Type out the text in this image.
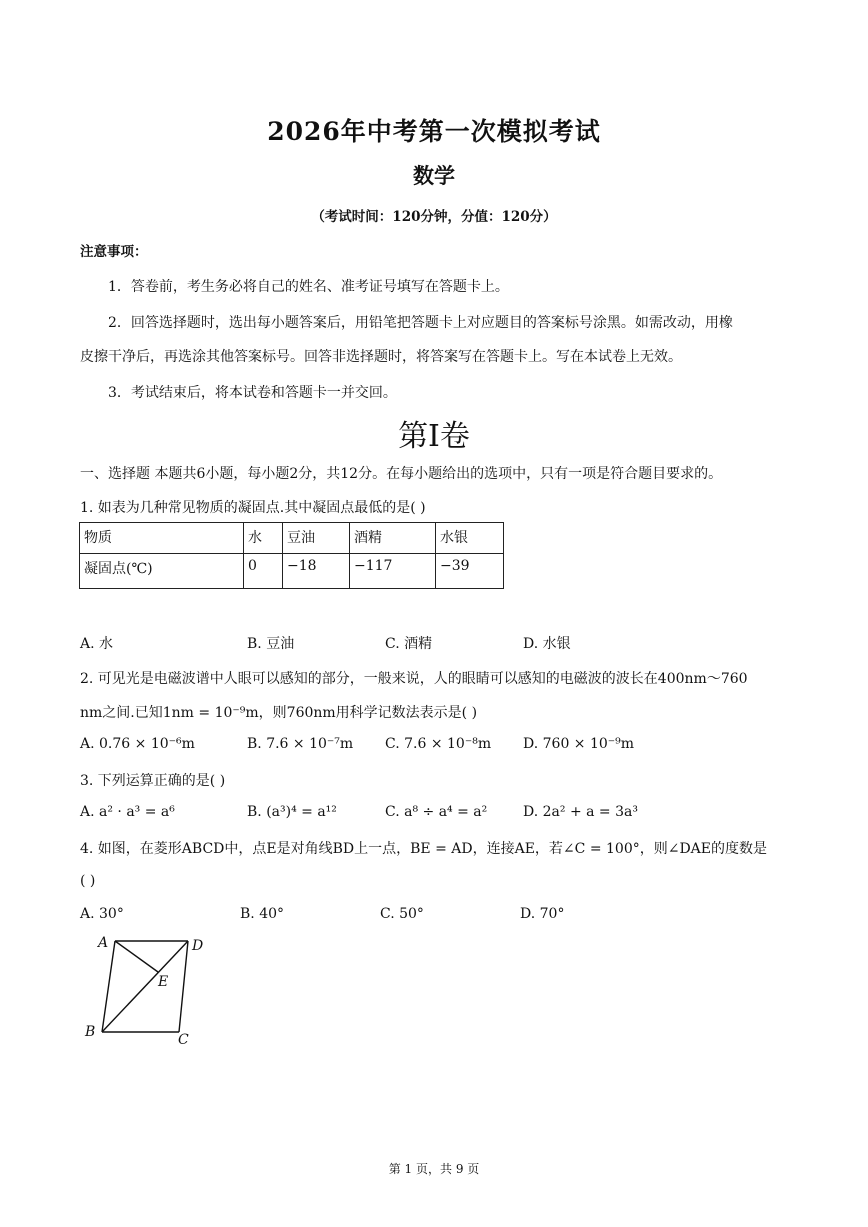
2026年中考第一次模拟考试
数学
（考试时间：120分钟，分值：120分）
注意事项：
1．答卷前，考生务必将自己的姓名、准考证号填写在答题卡上。
2．回答选择题时，选出每小题答案后，用铅笔把答题卡上对应题目的答案标号涂黑。如需改动，用橡
皮擦干净后，再选涂其他答案标号。回答非选择题时，将答案写在答题卡上。写在本试卷上无效。
3．考试结束后，将本试卷和答题卡一并交回。
第I卷
一、选择题 本题共6小题，每小题2分，共12分。在每小题给出的选项中，只有一项是符合题目要求的。
1. 如表为几种常见物质的凝固点.其中凝固点最低的是( )
物质	水	豆油	酒精	水银
凝固点(℃)	0	−18	−117	−39
A. 水	B. 豆油	C. 酒精	D. 水银
2. 可见光是电磁波谱中人眼可以感知的部分，一般来说，人的眼睛可以感知的电磁波的波长在400nm～760
nm之间.已知1nm = 10⁻⁹m，则760nm用科学记数法表示是( )
A. 0.76 × 10⁻⁶m	B. 7.6 × 10⁻⁷m C. 7.6 × 10⁻⁸m D. 760 × 10⁻⁹m
3. 下列运算正确的是( )
A. a² · a³ = a⁶	B. (a³)⁴ = a¹²	C. a⁸ ÷ a⁴ = a²	D. 2a² + a = 3a³
4. 如图，在菱形ABCD中，点E是对角线BD上一点，BE = AD，连接AE，若∠C = 100°，则∠DAE的度数是
( )
A. 30°	B. 40°	C. 50°	D. 70°
A	D
E
B	C
第 1 页，共 9 页
